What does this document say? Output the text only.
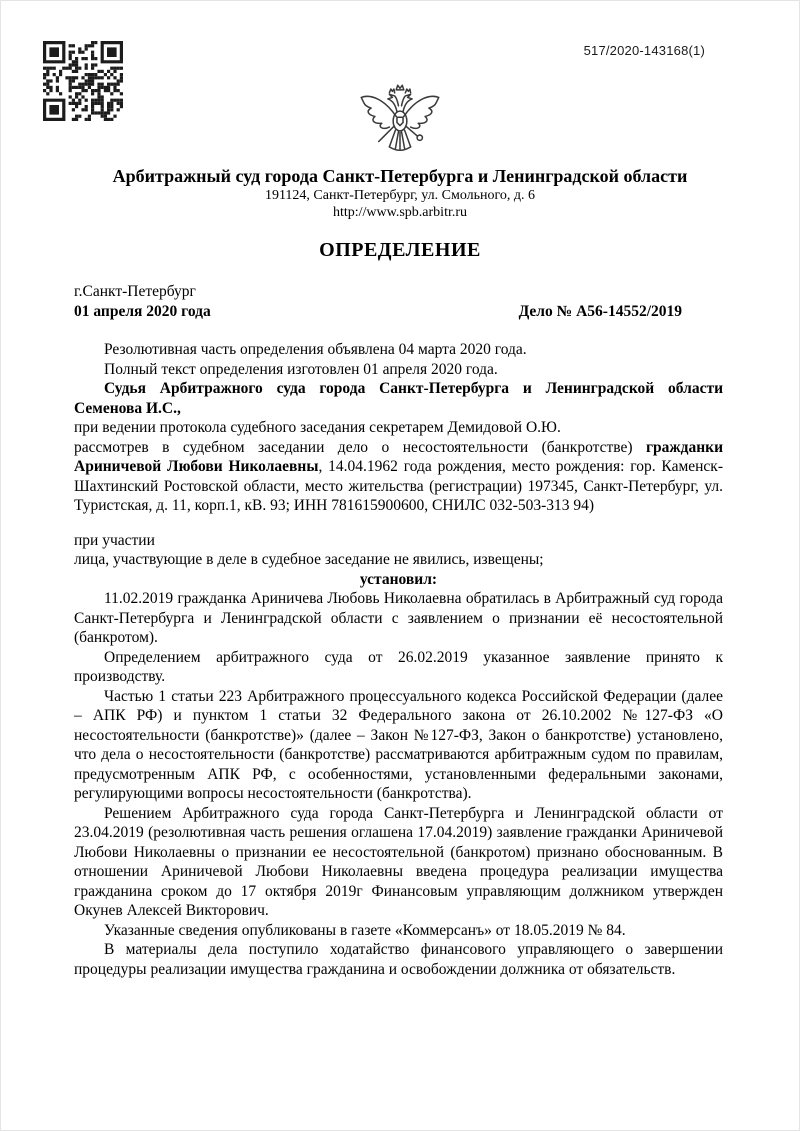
517/2020-143168(1)
Арбитражный суд города Санкт-Петербурга и Ленинградской области
191124, Санкт-Петербург, ул. Смольного, д. 6
http://www.spb.arbitr.ru
ОПРЕДЕЛЕНИЕ
г.Санкт-Петербург
01 апреля 2020 года	Дело № А56-14552/2019

Резолютивная часть определения объявлена 04 марта 2020 года.

Полный текст определения изготовлен 01 апреля 2020 года.

Судья Арбитражного суда города Санкт-Петербурга и Ленинградской области Семенова И.С.,

при ведении протокола судебного заседания секретарем Демидовой О.Ю.

рассмотрев в судебном заседании дело о несостоятельности (банкротстве) гражданки Ариничевой Любови Николаевны, 14.04.1962 года рождения, место рождения: гор. Каменск-Шахтинский Ростовской области, место жительства (регистрации) 197345, Санкт-Петербург, ул. Туристская, д. 11, корп.1, кВ. 93; ИНН 781615900600, СНИЛС 032-503-313 94)

при участии

лица, участвующие в деле в судебное заседание не явились, извещены;

установил:

11.02.2019 гражданка Ариничева Любовь Николаевна обратилась в Арбитражный суд города Санкт-Петербурга и Ленинградской области с заявлением о признании её несостоятельной (банкротом).

Определением арбитражного суда от 26.02.2019 указанное заявление принято к производству.

Частью 1 статьи 223 Арбитражного процессуального кодекса Российской Федерации (далее – АПК РФ) и пунктом 1 статьи 32 Федерального закона от 26.10.2002 №127-ФЗ «О несостоятельности (банкротстве)» (далее – Закон №127-ФЗ, Закон о банкротстве) установлено, что дела о несостоятельности (банкротстве) рассматриваются арбитражным судом по правилам, предусмотренным АПК РФ, с особенностями, установленными федеральными законами, регулирующими вопросы несостоятельности (банкротства).

Решением Арбитражного суда города Санкт-Петербурга и Ленинградской области от 23.04.2019 (резолютивная часть решения оглашена 17.04.2019) заявление гражданки Ариничевой Любови Николаевны о признании ее несостоятельной (банкротом) признано обоснованным. В отношении Ариничевой Любови Николаевны введена процедура реализации имущества гражданина сроком до 17 октября 2019г Финансовым управляющим должником утвержден Окунев Алексей Викторович.

Указанные сведения опубликованы в газете «Коммерсанъ» от 18.05.2019 № 84.

В материалы дела поступило ходатайство финансового управляющего о завершении процедуры реализации имущества гражданина и освобождении должника от обязательств.
